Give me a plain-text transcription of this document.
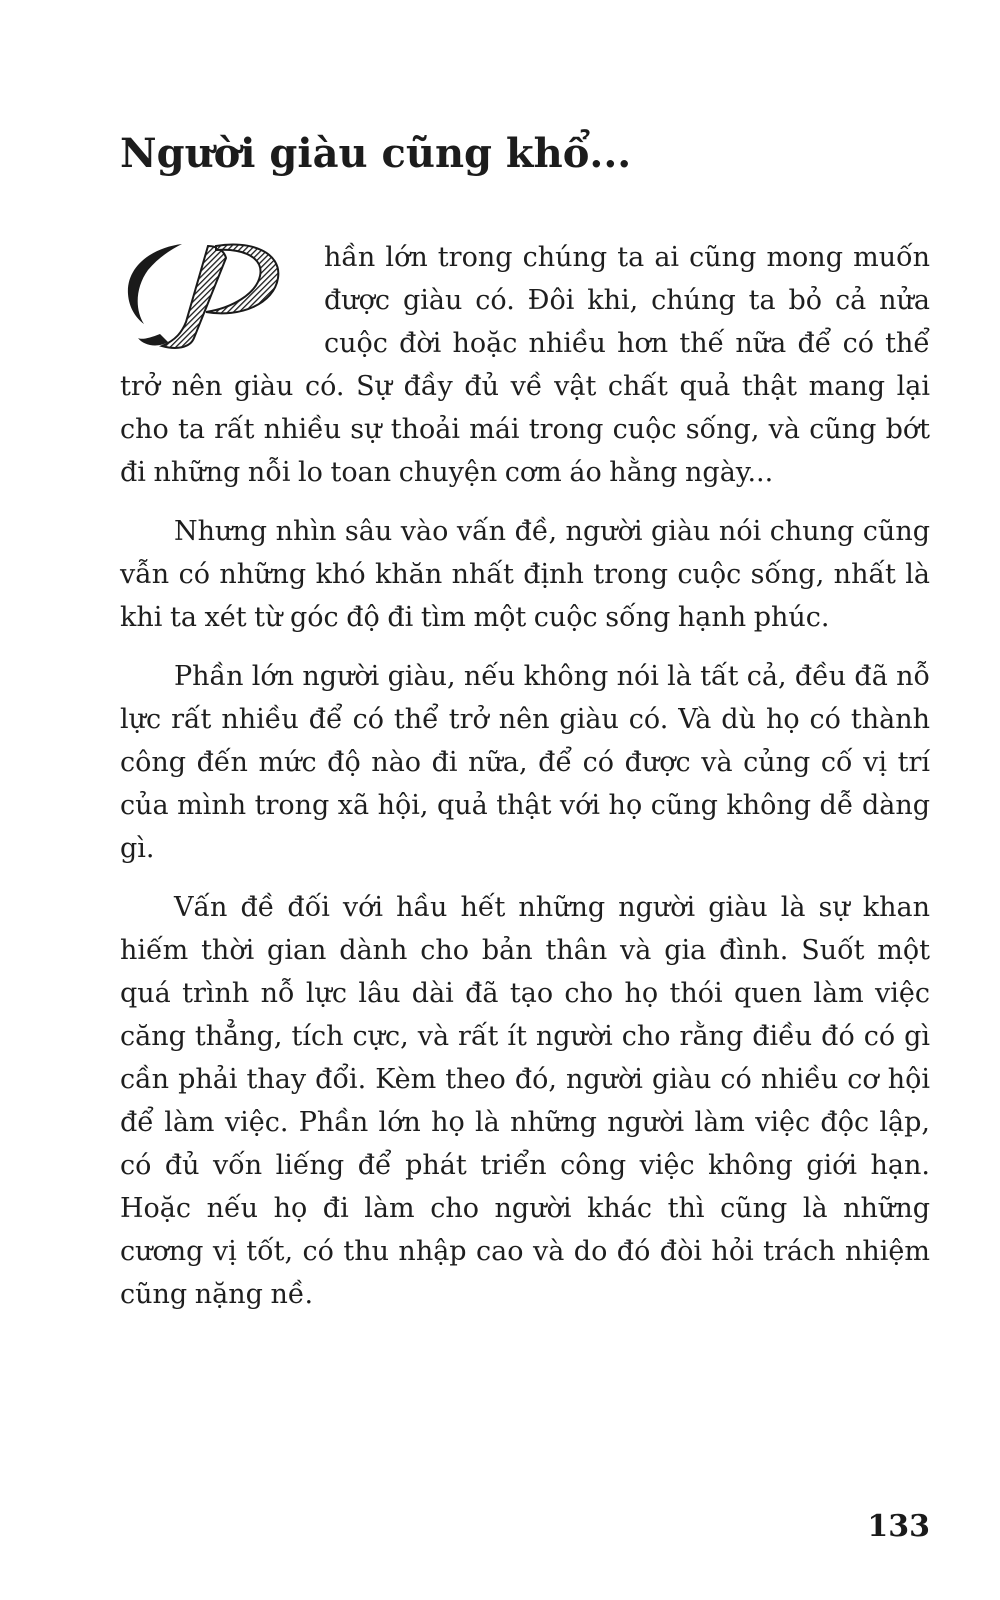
Người giàu cũng khổ...

P
hần lớn trong chúng ta ai cũng mong muốn được giàu có. Đôi khi, chúng ta bỏ cả nửa cuộc đời hoặc nhiều hơn thế nữa để có thể trở nên giàu có. Sự đầy đủ về vật chất quả thật mang lại cho ta rất nhiều sự thoải mái trong cuộc sống, và cũng bớt đi những nỗi lo toan chuyện cơm áo hằng ngày...

Nhưng nhìn sâu vào vấn đề, người giàu nói chung cũng vẫn có những khó khăn nhất định trong cuộc sống, nhất là khi ta xét từ góc độ đi tìm một cuộc sống hạnh phúc.

Phần lớn người giàu, nếu không nói là tất cả, đều đã nỗ lực rất nhiều để có thể trở nên giàu có. Và dù họ có thành công đến mức độ nào đi nữa, để có được và củng cố vị trí của mình trong xã hội, quả thật với họ cũng không dễ dàng gì.

Vấn đề đối với hầu hết những người giàu là sự khan hiếm thời gian dành cho bản thân và gia đình. Suốt một quá trình nỗ lực lâu dài đã tạo cho họ thói quen làm việc căng thẳng, tích cực, và rất ít người cho rằng điều đó có gì cần phải thay đổi. Kèm theo đó, người giàu có nhiều cơ hội để làm việc. Phần lớn họ là những người làm việc độc lập, có đủ vốn liếng để phát triển công việc không giới hạn. Hoặc nếu họ đi làm cho người khác thì cũng là những cương vị tốt, có thu nhập cao và do đó đòi hỏi trách nhiệm cũng nặng nề.

133
